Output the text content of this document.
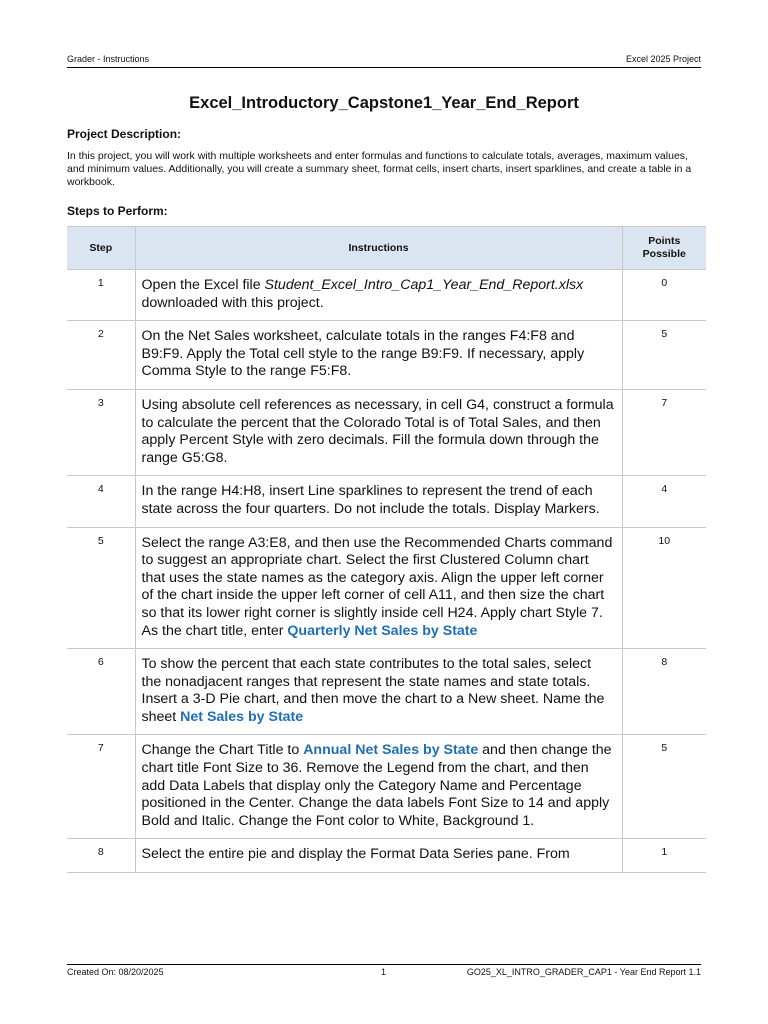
Grader - Instructions	Excel 2025 Project
Excel_Introductory_Capstone1_Year_End_Report
Project Description:
In this project, you will work with multiple worksheets and enter formulas and functions to calculate totals, averages, maximum values, and minimum values. Additionally, you will create a summary sheet, format cells, insert charts, insert sparklines, and create a table in a workbook.
Steps to Perform:
Step	Instructions	Points
Possible
1	Open the Excel file Student_Excel_Intro_Cap1_Year_End_Report.xlsx downloaded with this project.	0
2	On the Net Sales worksheet, calculate totals in the ranges F4:F8 and B9:F9. Apply the Total cell style to the range B9:F9. If necessary, apply Comma Style to the range F5:F8.	5
3	Using absolute cell references as necessary, in cell G4, construct a formula to calculate the percent that the Colorado Total is of Total Sales, and then apply Percent Style with zero decimals. Fill the formula down through the range G5:G8.	7
4	In the range H4:H8, insert Line sparklines to represent the trend of each state across the four quarters. Do not include the totals. Display Markers.	4
5	Select the range A3:E8, and then use the Recommended Charts command to suggest an appropriate chart. Select the first Clustered Column chart that uses the state names as the category axis. Align the upper left corner of the chart inside the upper left corner of cell A11, and then size the chart so that its lower right corner is slightly inside cell H24. Apply chart Style 7. As the chart title, enter Quarterly Net Sales by State	10
6	To show the percent that each state contributes to the total sales, select the nonadjacent ranges that represent the state names and state totals. Insert a 3-D Pie chart, and then move the chart to a New sheet. Name the sheet Net Sales by State	8
7	Change the Chart Title to Annual Net Sales by State and then change the chart title Font Size to 36. Remove the Legend from the chart, and then add Data Labels that display only the Category Name and Percentage positioned in the Center. Change the data labels Font Size to 14 and apply Bold and Italic. Change the Font color to White, Background 1.	5
8	Select the entire pie and display the Format Data Series pane. From	1
Created On: 08/20/2025	1	GO25_XL_INTRO_GRADER_CAP1 - Year End Report 1.1
